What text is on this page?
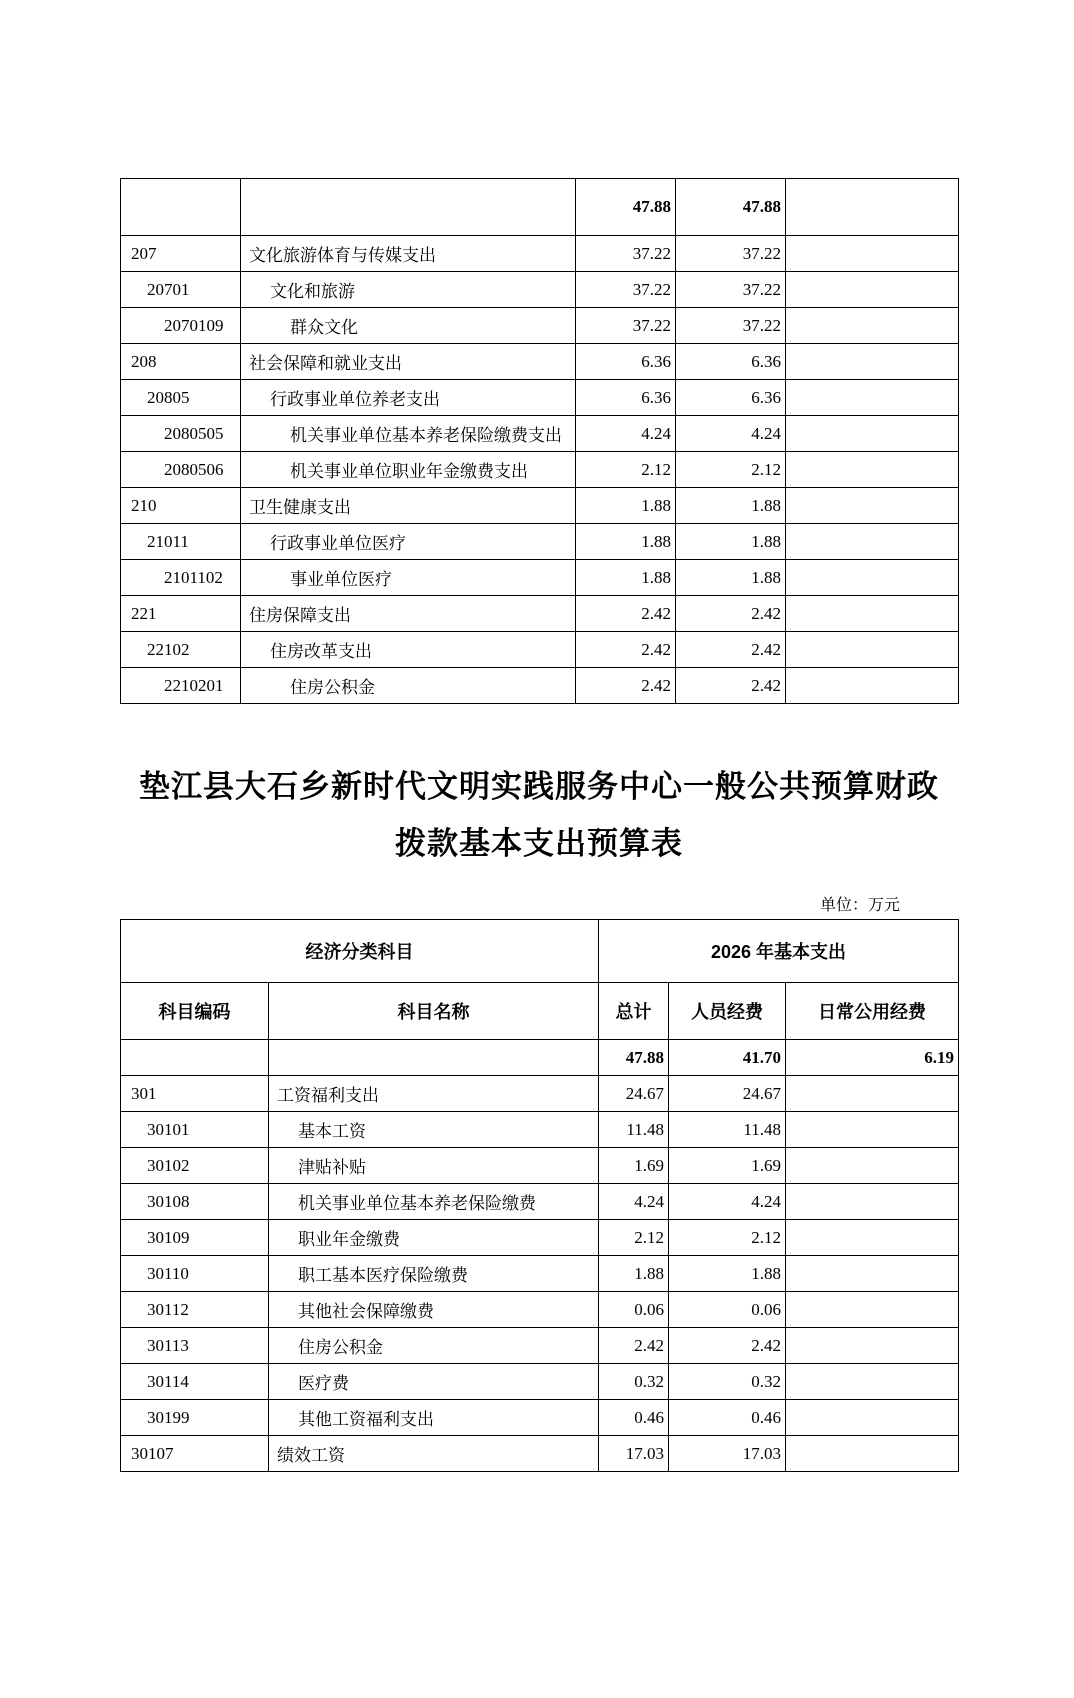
		47.88	47.88	
207	文化旅游体育与传媒支出	37.22	37.22	
20701	文化和旅游	37.22	37.22	
2070109	群众文化	37.22	37.22	
208	社会保障和就业支出	6.36	6.36	
20805	行政事业单位养老支出	6.36	6.36	
2080505	机关事业单位基本养老保险缴费支出	4.24	4.24	
2080506	机关事业单位职业年金缴费支出	2.12	2.12	
210	卫生健康支出	1.88	1.88	
21011	行政事业单位医疗	1.88	1.88	
2101102	事业单位医疗	1.88	1.88	
221	住房保障支出	2.42	2.42	
22102	住房改革支出	2.42	2.42	
2210201	住房公积金	2.42	2.42	
垫江县大石乡新时代文明实践服务中心一般公共预算财政
拨款基本支出预算表
单位：万元
经济分类科目		2026 年基本支出		
科目编码	科目名称	总计	人员经费	日常公用经费
		47.88	41.70	6.19
301	工资福利支出	24.67	24.67	
30101	基本工资	11.48	11.48	
30102	津贴补贴	1.69	1.69	
30108	机关事业单位基本养老保险缴费	4.24	4.24	
30109	职业年金缴费	2.12	2.12	
30110	职工基本医疗保险缴费	1.88	1.88	
30112	其他社会保障缴费	0.06	0.06	
30113	住房公积金	2.42	2.42	
30114	医疗费	0.32	0.32	
30199	其他工资福利支出	0.46	0.46	
30107	绩效工资	17.03	17.03	
